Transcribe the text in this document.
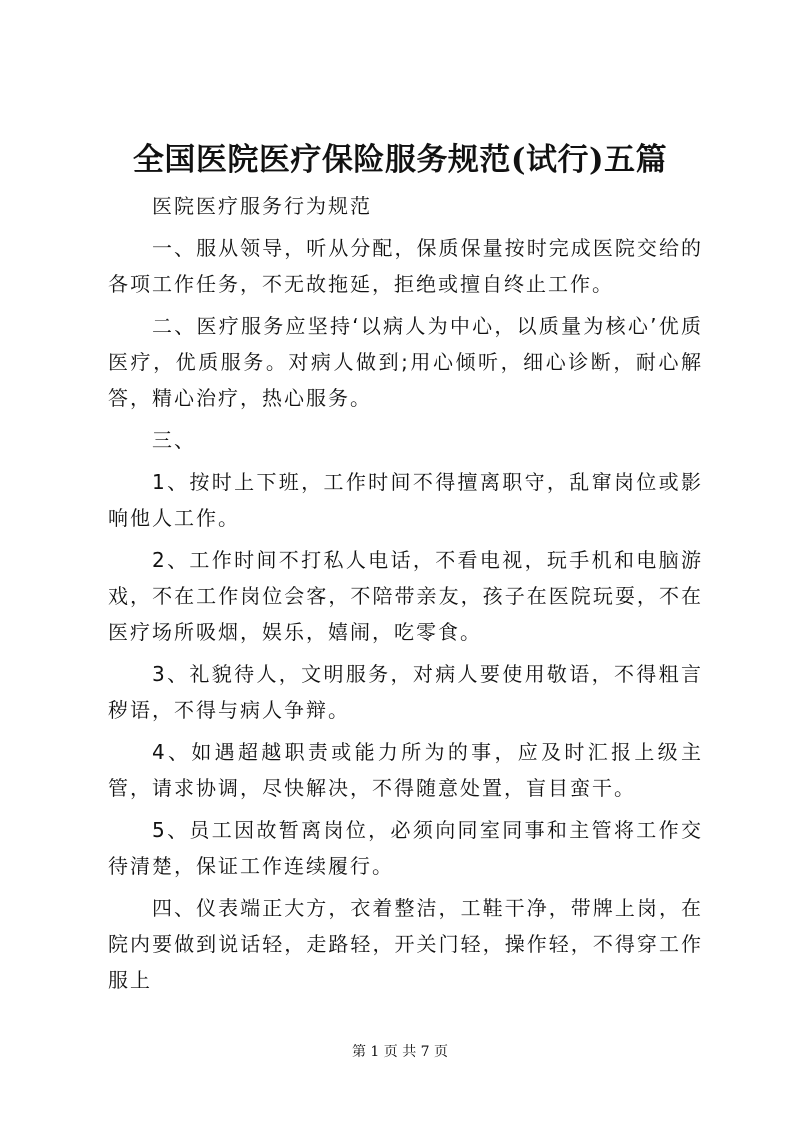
全国医院医疗保险服务规范(试行)五篇

医院医疗服务行为规范

一、服从领导，听从分配，保质保量按时完成医院交给的各项工作任务，不无故拖延，拒绝或擅自终止工作。

二、医疗服务应坚持‘以病人为中心，以质量为核心’优质医疗，优质服务。对病人做到;用心倾听，细心诊断，耐心解答，精心治疗，热心服务。

三、

1、按时上下班，工作时间不得擅离职守，乱窜岗位或影响他人工作。

2、工作时间不打私人电话，不看电视，玩手机和电脑游戏，不在工作岗位会客，不陪带亲友，孩子在医院玩耍，不在医疗场所吸烟，娱乐，嬉闹，吃零食。

3、礼貌待人，文明服务，对病人要使用敬语，不得粗言秽语，不得与病人争辩。

4、如遇超越职责或能力所为的事，应及时汇报上级主管，请求协调，尽快解决，不得随意处置，盲目蛮干。

5、员工因故暂离岗位，必须向同室同事和主管将工作交待清楚，保证工作连续履行。

四、仪表端正大方，衣着整洁，工鞋干净，带牌上岗，在院内要做到说话轻，走路轻，开关门轻，操作轻，不得穿工作服上

第 1 页 共 7 页
